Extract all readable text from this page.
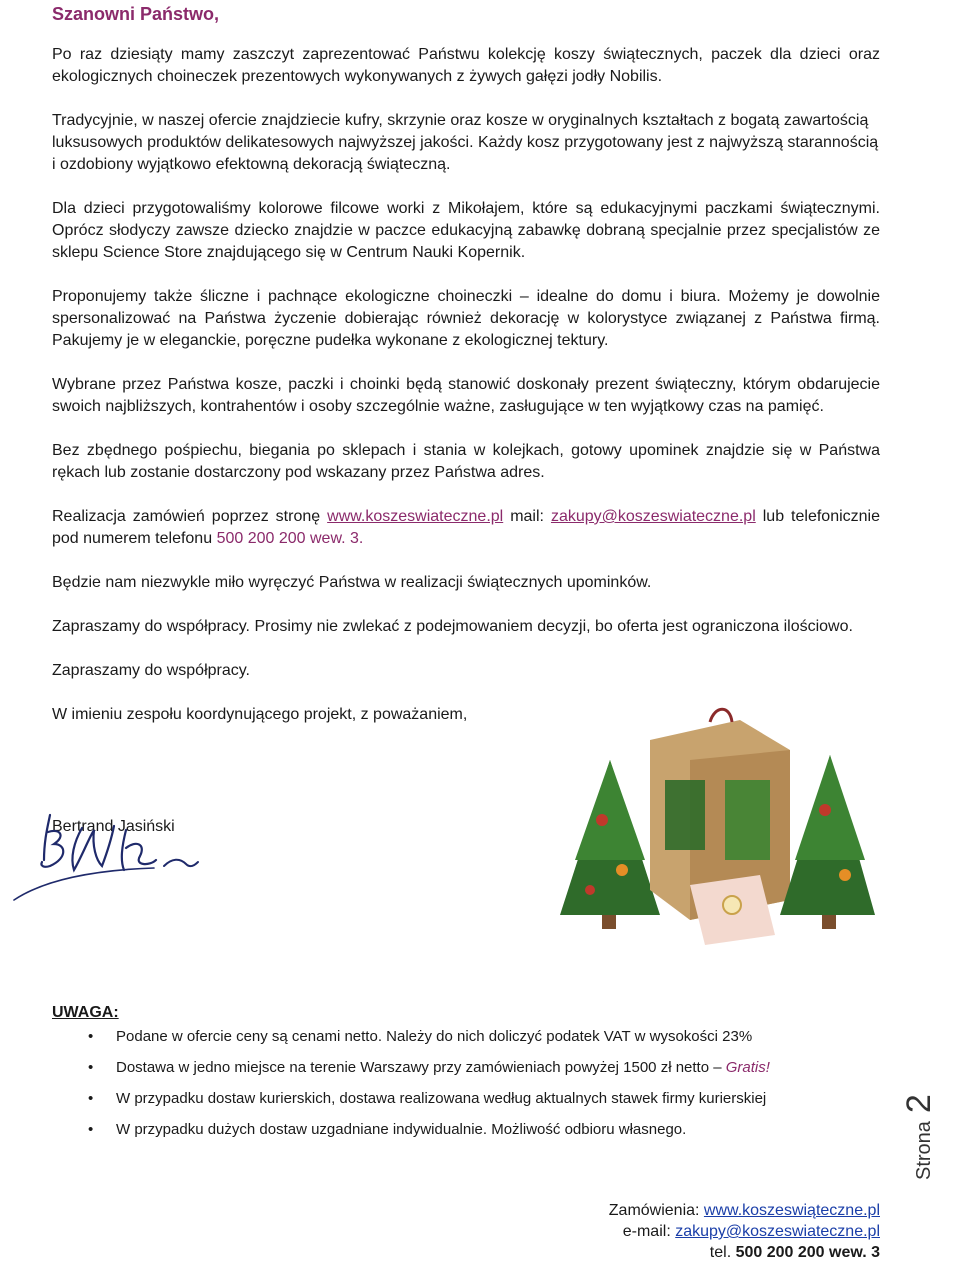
Szanowni Państwo,

Po raz dziesiąty mamy zaszczyt zaprezentować Państwu kolekcję koszy świątecznych, paczek dla dzieci oraz ekologicznych choineczek prezentowych wykonywanych z żywych gałęzi jodły Nobilis.

Tradycyjnie, w naszej ofercie znajdziecie kufry, skrzynie oraz kosze w oryginalnych kształtach z bogatą zawartością luksusowych produktów delikatesowych najwyższej jakości. Każdy kosz przygotowany jest z najwyższą starannością i ozdobiony wyjątkowo efektowną dekoracją świąteczną.

Dla dzieci przygotowaliśmy kolorowe filcowe worki z Mikołajem, które są edukacyjnymi paczkami świątecznymi. Oprócz słodyczy zawsze dziecko znajdzie w paczce edukacyjną zabawkę dobraną specjalnie przez specjalistów ze sklepu Science Store znajdującego się w Centrum Nauki Kopernik.

Proponujemy także śliczne i pachnące ekologiczne choineczki – idealne do domu i biura. Możemy je dowolnie spersonalizować na Państwa życzenie dobierając również dekorację w kolorystyce związanej z Państwa firmą. Pakujemy je w eleganckie, poręczne pudełka wykonane z ekologicznej tektury.

Wybrane przez Państwa kosze, paczki i choinki będą stanowić doskonały prezent świąteczny, którym obdarujecie swoich najbliższych, kontrahentów i osoby szczególnie ważne, zasługujące w ten wyjątkowy czas na pamięć.

Bez zbędnego pośpiechu, biegania po sklepach i stania w kolejkach, gotowy upominek znajdzie się w Państwa rękach lub zostanie dostarczony pod wskazany przez Państwa adres.

Realizacja zamówień poprzez stronę www.koszeswiateczne.pl mail: zakupy@koszeswiateczne.pl lub telefonicznie pod numerem telefonu 500 200 200 wew. 3.

Będzie nam niezwykle miło wyręczyć Państwa w realizacji świątecznych upominków.

Zapraszamy do współpracy. Prosimy nie zwlekać z podejmowaniem decyzji, bo oferta jest ograniczona ilościowo.

Zapraszamy do współpracy.

W imieniu zespołu koordynującego projekt, z poważaniem,

Bertrand Jasiński
UWAGA:
• Podane w ofercie ceny są cenami netto. Należy do nich doliczyć podatek VAT w wysokości 23%
• Dostawa w jedno miejsce na terenie Warszawy przy zamówieniach powyżej 1500 zł netto – Gratis!
• W przypadku dostaw kurierskich, dostawa realizowana według aktualnych stawek firmy kurierskiej
• W przypadku dużych dostaw uzgadniane indywidualnie. Możliwość odbioru własnego.	Strona
2
Zamówienia: www.koszeswiąteczne.pl
e-mail: zakupy@koszeswiateczne.pl
tel. 500 200 200 wew. 3
